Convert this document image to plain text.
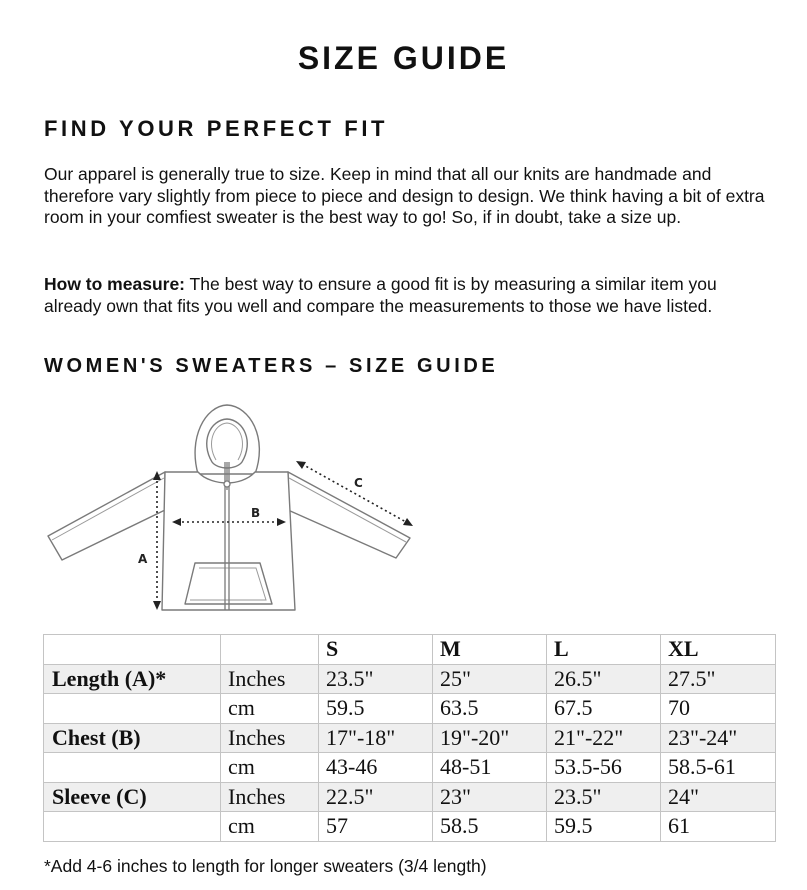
SIZE GUIDE
FIND YOUR PERFECT FIT

Our apparel is generally true to size. Keep in mind that all our knits are handmade and therefore vary slightly from piece to piece and design to design. We think having a bit of extra room in your comfiest sweater is the best way to go! So, if in doubt, take a size up.

How to measure: The best way to ensure a good fit is by measuring a similar item you already own that fits you well and compare the measurements to those we have listed.

WOMEN'S SWEATERS – SIZE GUIDE
A
B
C
		S	M	L	XL
Length (A)*	Inches	23.5"	25"	26.5"	27.5"
	cm	59.5	63.5	67.5	70
Chest (B)	Inches	17"-18"	19"-20"	21"-22"	23"-24"
	cm	43-46	48-51	53.5-56	58.5-61
Sleeve (C)	Inches	22.5"	23"	23.5"	24"
	cm	57	58.5	59.5	61
*Add 4-6 inches to length for longer sweaters (3/4 length)
